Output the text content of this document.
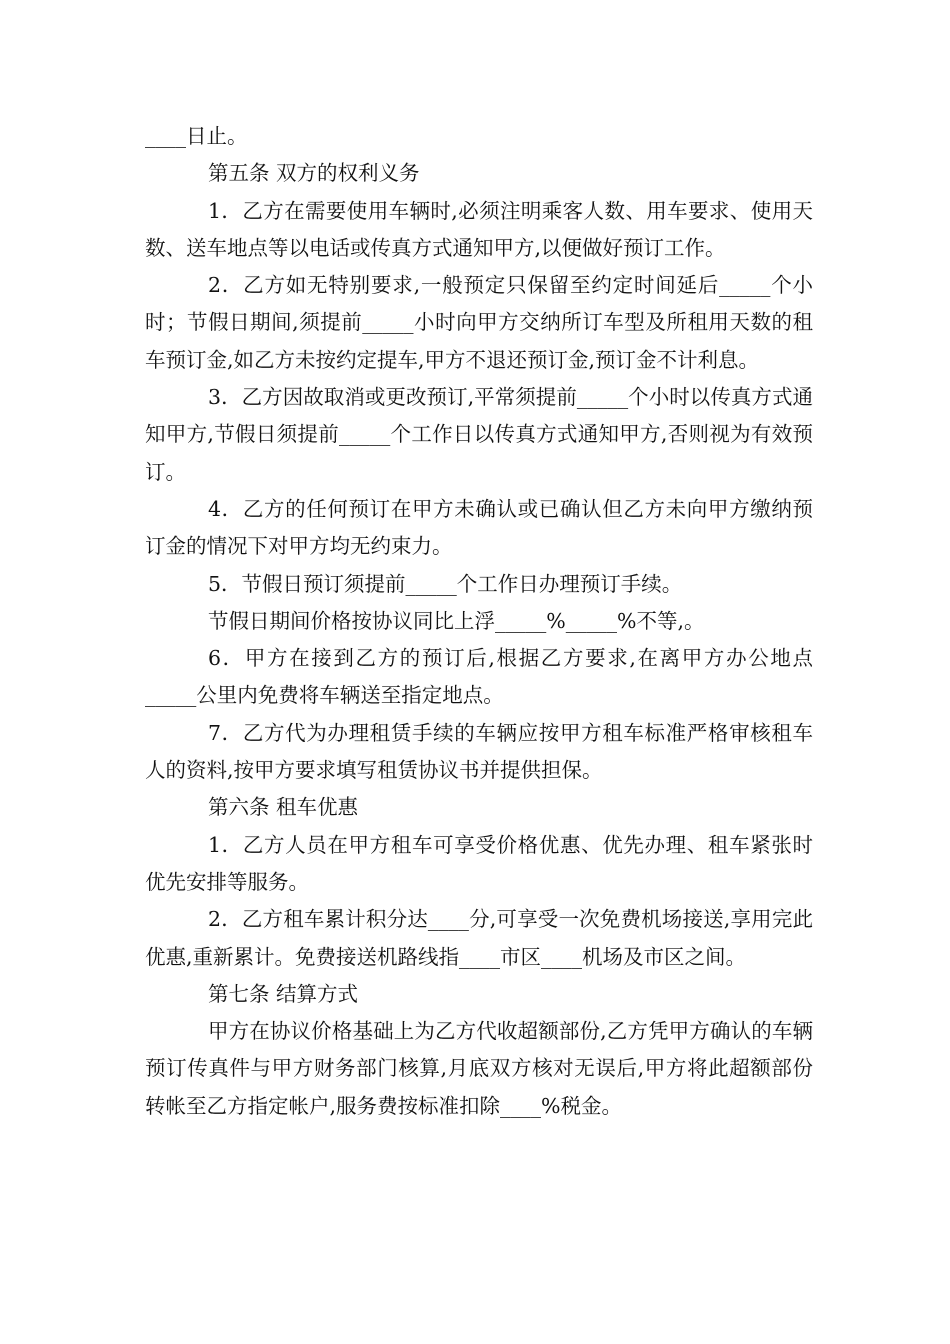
____日止。

第五条 双方的权利义务

1．乙方在需要使用车辆时,必须注明乘客人数、用车要求、使用天数、送车地点等以电话或传真方式通知甲方,以便做好预订工作。

2．乙方如无特别要求,一般预定只保留至约定时间延后_____个小时；节假日期间,须提前_____小时向甲方交纳所订车型及所租用天数的租车预订金,如乙方未按约定提车,甲方不退还预订金,预订金不计利息。

3．乙方因故取消或更改预订,平常须提前_____个小时以传真方式通知甲方,节假日须提前_____个工作日以传真方式通知甲方,否则视为有效预订。

4．乙方的任何预订在甲方未确认或已确认但乙方未向甲方缴纳预订金的情况下对甲方均无约束力。

5．节假日预订须提前_____个工作日办理预订手续。

节假日期间价格按协议同比上浮_____%_____%不等,。

6．甲方在接到乙方的预订后,根据乙方要求,在离甲方办公地点_____公里内免费将车辆送至指定地点。

7．乙方代为办理租赁手续的车辆应按甲方租车标准严格审核租车人的资料,按甲方要求填写租赁协议书并提供担保。

第六条 租车优惠

1．乙方人员在甲方租车可享受价格优惠、优先办理、租车紧张时优先安排等服务。

2．乙方租车累计积分达____分,可享受一次免费机场接送,享用完此优惠,重新累计。免费接送机路线指____市区____机场及市区之间。

第七条 结算方式

甲方在协议价格基础上为乙方代收超额部份,乙方凭甲方确认的车辆预订传真件与甲方财务部门核算,月底双方核对无误后,甲方将此超额部份转帐至乙方指定帐户,服务费按标准扣除____%税金。
